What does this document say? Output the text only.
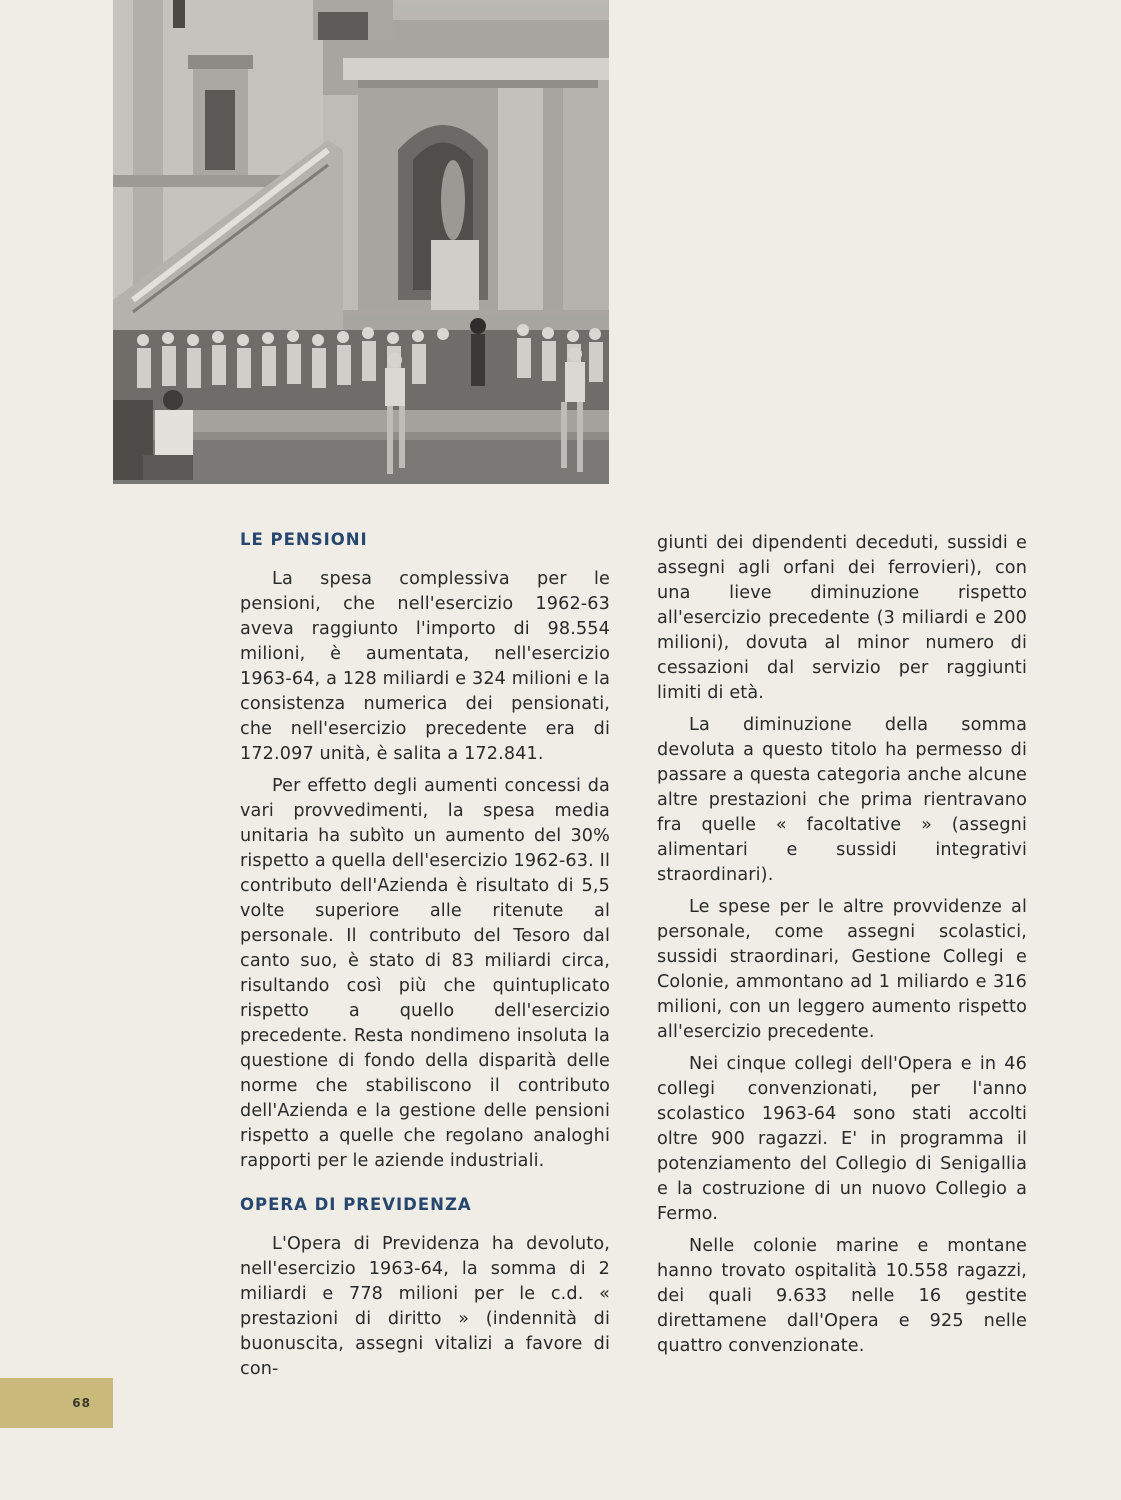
LE PENSIONI

La spesa complessiva per le pensioni, che nell'esercizio 1962-63 aveva raggiunto l'importo di 98.554 milioni, è aumentata, nell'esercizio 1963-64, a 128 miliardi e 324 milioni e la consistenza numerica dei pensionati, che nell'esercizio precedente era di 172.097 unità, è salita a 172.841.

Per effetto degli aumenti concessi da vari provvedimenti, la spesa media unitaria ha subìto un aumento del 30% rispetto a quella dell'esercizio 1962-63. Il contributo dell'Azienda è risultato di 5,5 volte superiore alle ritenute al personale. Il contributo del Tesoro dal canto suo, è stato di 83 miliardi circa, risultando così più che quintuplicato rispetto a quello dell'esercizio precedente. Resta nondimeno insoluta la questione di fondo della disparità delle norme che stabiliscono il contributo dell'Azienda e la gestione delle pensioni rispetto a quelle che regolano analoghi rapporti per le aziende industriali.

OPERA DI PREVIDENZA

L'Opera di Previdenza ha devoluto, nell'esercizio 1963-64, la somma di 2 miliardi e 778 milioni per le c.d. « prestazioni di diritto » (indennità di buonuscita, assegni vitalizi a favore di con-

giunti dei dipendenti deceduti, sussidi e assegni agli orfani dei ferrovieri), con una lieve diminuzione rispetto all'esercizio precedente (3 miliardi e 200 milioni), dovuta al minor numero di cessazioni dal servizio per raggiunti limiti di età.

La diminuzione della somma devoluta a questo titolo ha permesso di passare a questa categoria anche alcune altre prestazioni che prima rientravano fra quelle « facoltative » (assegni alimentari e sussidi integrativi straordinari).

Le spese per le altre provvidenze al personale, come assegni scolastici, sussidi straordinari, Gestione Collegi e Colonie, ammontano ad 1 miliardo e 316 milioni, con un leggero aumento rispetto all'esercizio precedente.

Nei cinque collegi dell'Opera e in 46 collegi convenzionati, per l'anno scolastico 1963-64 sono stati accolti oltre 900 ragazzi. E' in programma il potenziamento del Collegio di Senigallia e la costruzione di un nuovo Collegio a Fermo.

Nelle colonie marine e montane hanno trovato ospitalità 10.558 ragazzi, dei quali 9.633 nelle 16 gestite direttamene dall'Opera e 925 nelle quattro convenzionate.

68
